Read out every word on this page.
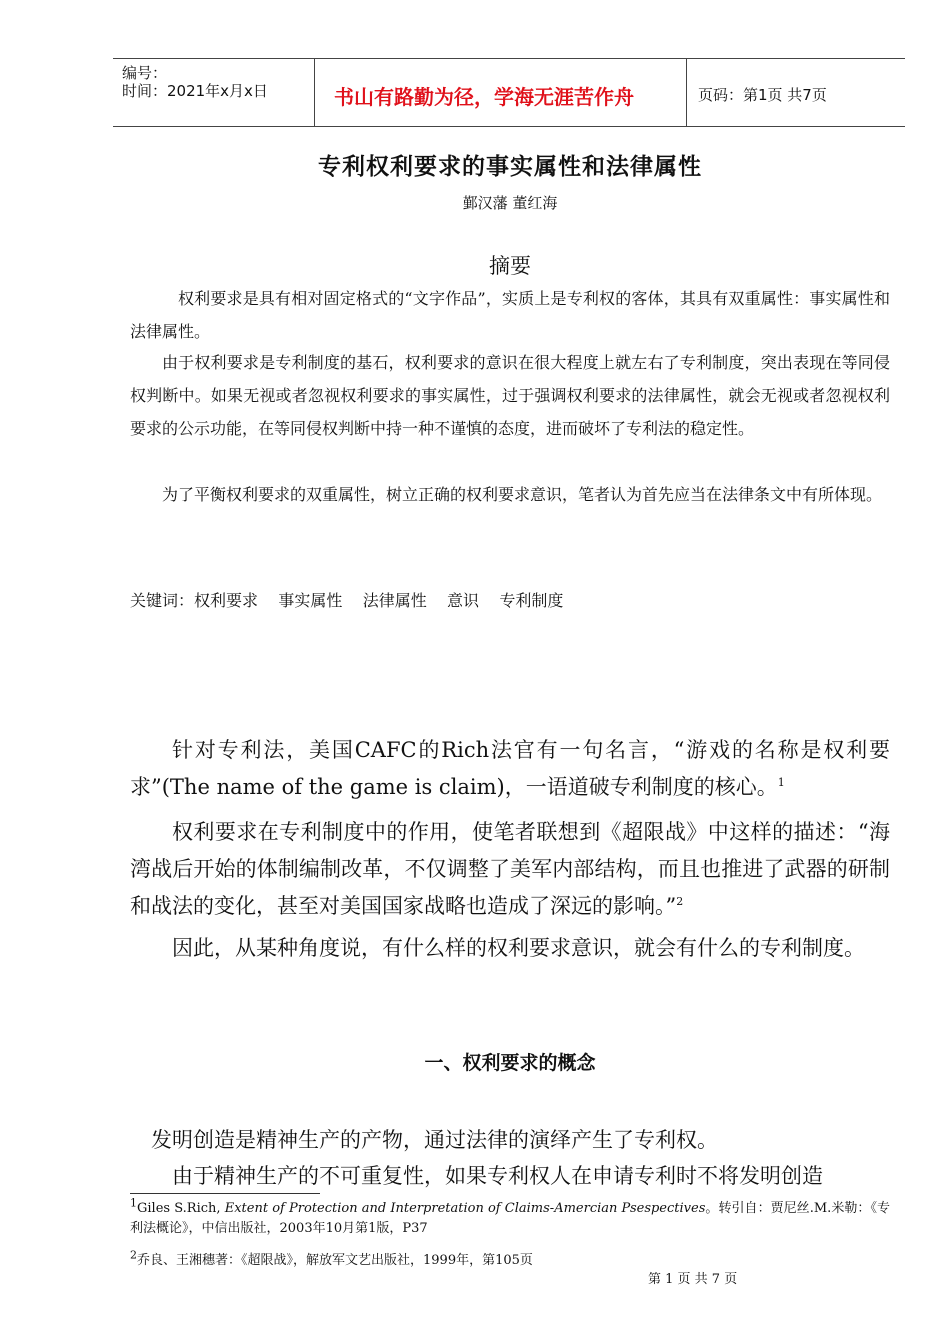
编号：
时间：2021年x月x日	书山有路勤为径，学海无涯苦作舟	页码：第1页 共7页
专利权利要求的事实属性和法律属性
鄞汉藩 董红海
摘要
权利要求是具有相对固定格式的“文字作品”，实质上是专利权的客体，其具有双重属性：事实属性和法律属性。
由于权利要求是专利制度的基石，权利要求的意识在很大程度上就左右了专利制度，突出表现在等同侵权判断中。如果无视或者忽视权利要求的事实属性，过于强调权利要求的法律属性，就会无视或者忽视权利要求的公示功能，在等同侵权判断中持一种不谨慎的态度，进而破坏了专利法的稳定性。
为了平衡权利要求的双重属性，树立正确的权利要求意识，笔者认为首先应当在法律条文中有所体现。
关键词：权利要求    事实属性    法律属性    意识    专利制度
针对专利法，美国CAFC的Rich法官有一句名言，“游戏的名称是权利要求”(The name of the game is claim)，一语道破专利制度的核心。$^1$
权利要求在专利制度中的作用，使笔者联想到《超限战》中这样的描述：“海湾战后开始的体制编制改革，不仅调整了美军内部结构，而且也推进了武器的研制和战法的变化，甚至对美国国家战略也造成了深远的影响。”$^2$
因此，从某种角度说，有什么样的权利要求意识，就会有什么的专利制度。
一、权利要求的概念
发明创造是精神生产的产物，通过法律的演绎产生了专利权。
由于精神生产的不可重复性，如果专利权人在申请专利时不将发明创造
$^1$Giles S.Rich, Extent of Protection and Interpretation of Claims-Amercian Psespectives。转引自：贾尼丝.M.米勒：《专利法概论》，中信出版社，2003年10月第1版，P37
$^2$乔良、王湘穗著：《超限战》，解放军文艺出版社，1999年，第105页
第 1 页 共 7 页
